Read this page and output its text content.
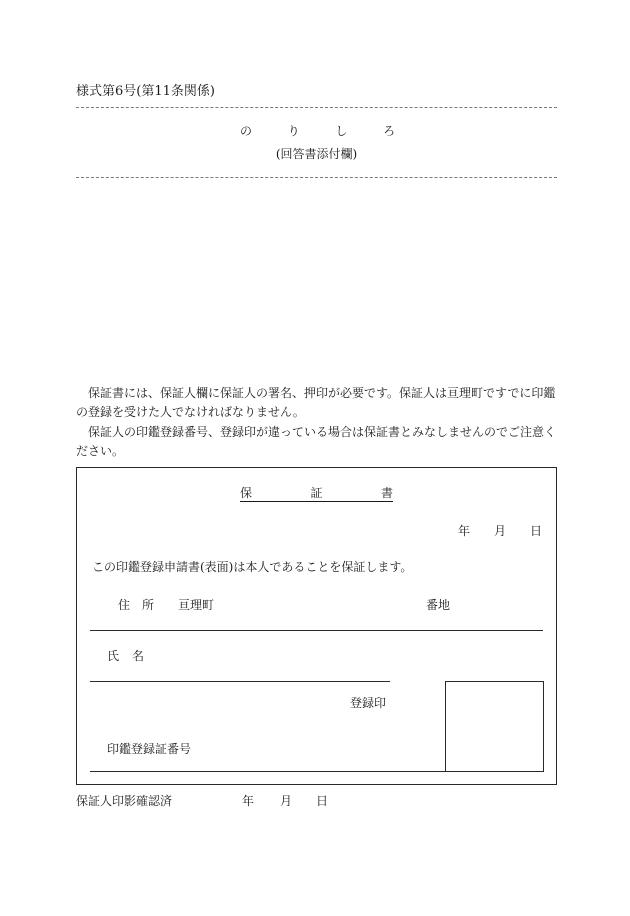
様式第6号(第11条関係)
のりしろ
(回答書添付欄)
保証書には、保証人欄に保証人の署名、押印が必要です。保証人は亘理町ですでに印鑑
の登録を受けた人でなければなりません。
保証人の印鑑登録番号、登録印が違っている場合は保証書とみなしませんのでご注意く
ださい。
保証書
年 月 日
この印鑑登録申請書(表面)は本人であることを保証します。
住所 亘理町	番地
氏名
登録印
印鑑登録証番号
保証人印影確認済	年 月 日
